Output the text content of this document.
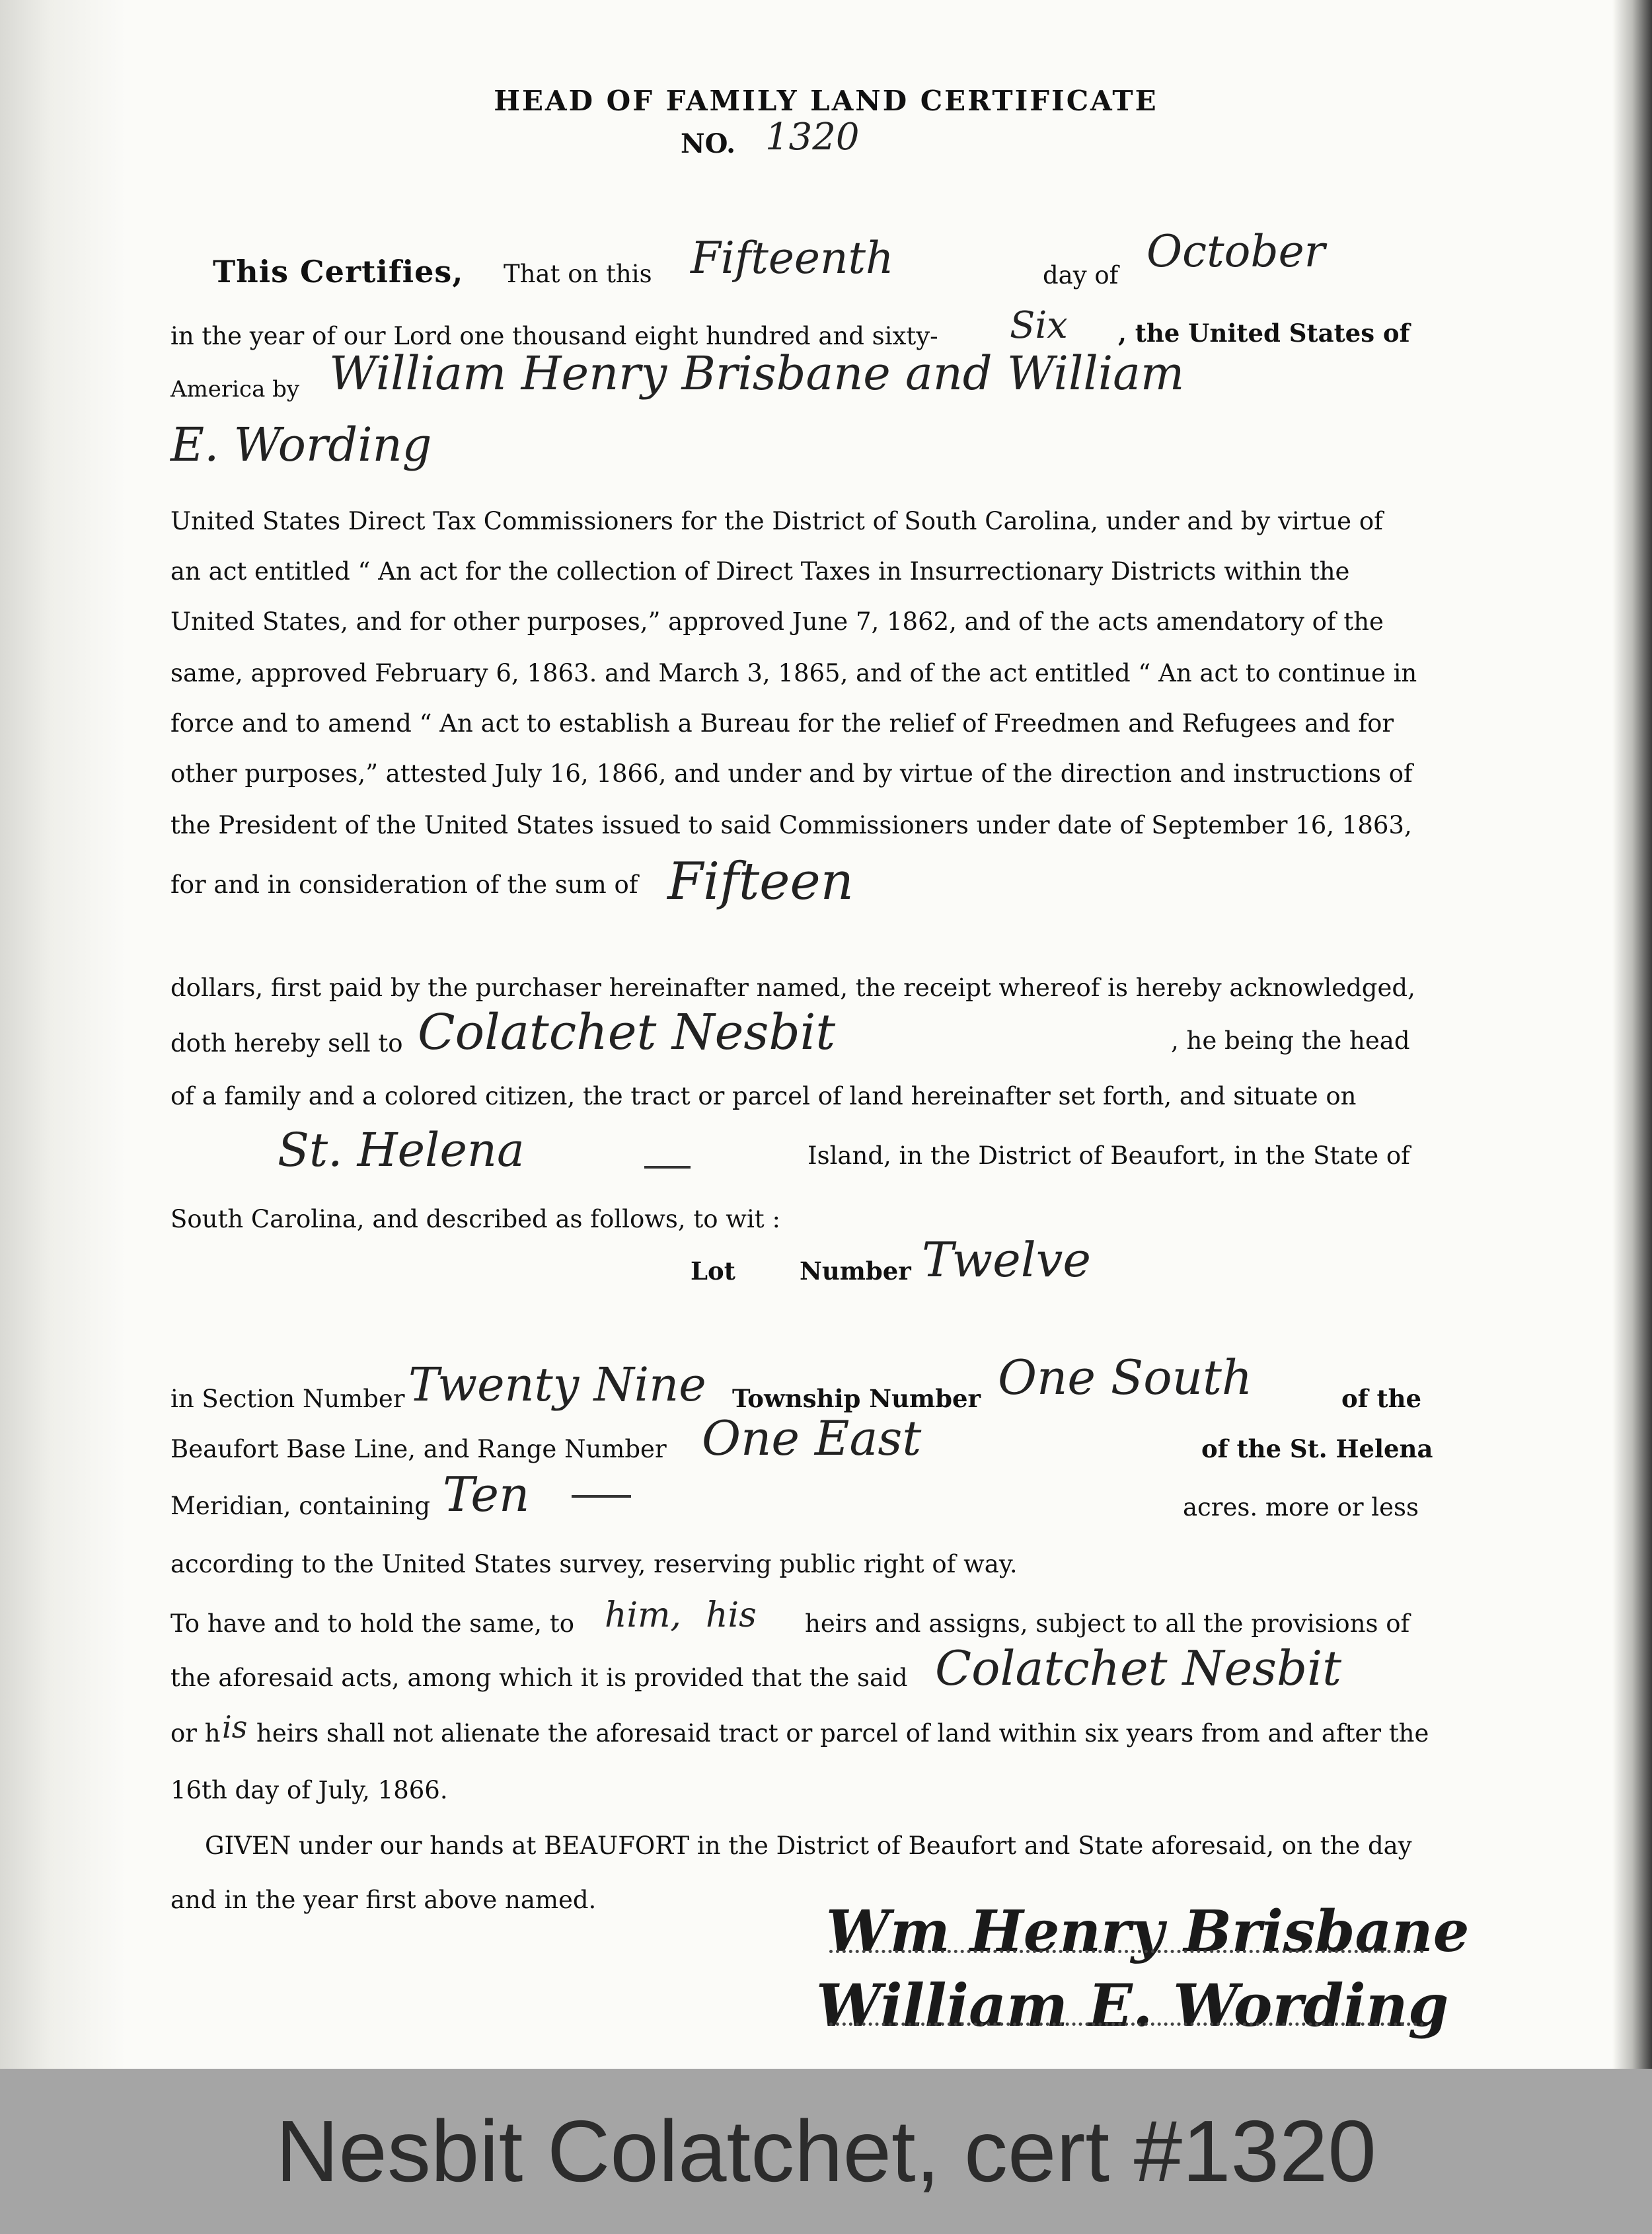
HEAD OF FAMILY LAND CERTIFICATE
NO. 1320
This Certifies, That on this Fifteenth	day of October
in the year of our Lord one thousand eight hundred and sixty- Six , the United States of
America by William Henry Brisbane and William
E. Wording
United States Direct Tax Commissioners for the District of South Carolina, under and by virtue of
an act entitled “ An act for the collection of Direct Taxes in Insurrectionary Districts within the
United States, and for other purposes,” approved June 7, 1862, and of the acts amendatory of the
same, approved February 6, 1863. and March 3, 1865, and of the act entitled “ An act to continue in
force and to amend “ An act to establish a Bureau for the relief of Freedmen and Refugees and for
other purposes,” attested July 16, 1866, and under and by virtue of the direction and instructions of
the President of the United States issued to said Commissioners under date of September 16, 1863,
for and in consideration of the sum of Fifteen
dollars, first paid by the purchaser hereinafter named, the receipt whereof is hereby acknowledged,
doth hereby sell to Colatchet Nesbit	, he being the head
of a family and a colored citizen, the tract or parcel of land hereinafter set forth, and situate on
St. Helena	Island, in the District of Beaufort, in the State of
South Carolina, and described as follows, to wit :
Lot	Number Twelve
in Section Number Twenty Nine Township Number One South	of the
Beaufort Base Line, and Range Number One East	of the St. Helena
Meridian, containing Ten	acres. more or less
according to the United States survey, reserving public right of way.
To have and to hold the same, to him, his heirs and assigns, subject to all the provisions of
the aforesaid acts, among which it is provided that the said Colatchet Nesbit
or h is heirs shall not alienate the aforesaid tract or parcel of land within six years from and after the
16th day of July, 1866.
GIVEN under our hands at BEAUFORT in the District of Beaufort and State aforesaid, on the day
and in the year first above named.	Wm Henry Brisbane
William E. Wording
Nesbit Colatchet, cert #1320
